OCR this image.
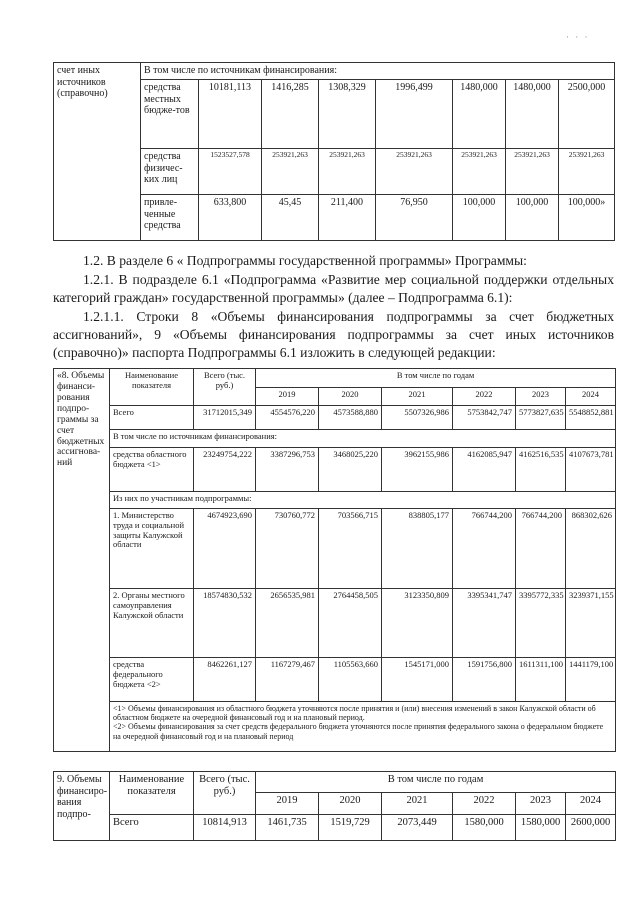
· · ·
счет иных источников (справочно)	В том числе по источникам финансирования:							
	средства местных бюдже-тов	10181,113	1416,285	1308,329	1996,499	1480,000	1480,000	2500,000
	средства физичес-ких лиц	1523527,578	253921,263	253921,263	253921,263	253921,263	253921,263	253921,263
	привле-ченные средства	633,800	45,45	211,400	76,950	100,000	100,000	100,000»

1.2. В разделе 6 « Подпрограммы государственной программы» Программы:

1.2.1. В подразделе 6.1 «Подпрограмма «Развитие мер социальной поддержки отдельных категорий граждан» государственной программы» (далее – Подпрограмма 6.1):

1.2.1.1. Строки 8 «Объемы финансирования подпрограммы за счет бюджетных ассигнований», 9 «Объемы финансирования подпрограммы за счет иных источников (справочно)» паспорта Подпрограммы 6.1 изложить в следующей редакции:

«8. Объемы финанси-рования подпро-граммы за счет бюджетных ассигнова-ний	Наименование показателя	Всего (тыс. руб.)	В том числе по годам					
			2019	2020	2021	2022	2023	2024
	Всего	31712015,349	4554576,220	4573588,880	5507326,986	5753842,747	5773827,635	5548852,881
	В том числе по источникам финансирования:							
	средства областного бюджета <1>	23249754,222	3387296,753	3468025,220	3962155,986	4162085,947	4162516,535	4107673,781
	Из них по участникам подпрограммы:							
	1. Министерство труда и социальной защиты Калужской области	4674923,690	730760,772	703566,715	838805,177	766744,200	766744,200	868302,626
	2. Органы местного самоуправления Калужской области	18574830,532	2656535,981	2764458,505	3123350,809	3395341,747	3395772,335	3239371,155
	средства федерального бюджета <2>	8462261,127	1167279,467	1105563,660	1545171,000	1591756,800	1611311,100	1441179,100

	<1> Объемы финансирования из областного бюджета уточняются после принятия и (или) внесения изменений в закон Калужской области об областном бюджете на очередной финансовый год и на плановый период.
<2> Объемы финансирования за счет средств федерального бюджета уточняются после принятия федерального закона о федеральном бюджете на очередной финансовый год и на плановый период							
9. Объемы финансиро-вания подпро-	Наименование показателя	Всего (тыс. руб.)	В том числе по годам					
			2019	2020	2021	2022	2023	2024
	Всего	10814,913	1461,735	1519,729	2073,449	1580,000	1580,000	2600,000
